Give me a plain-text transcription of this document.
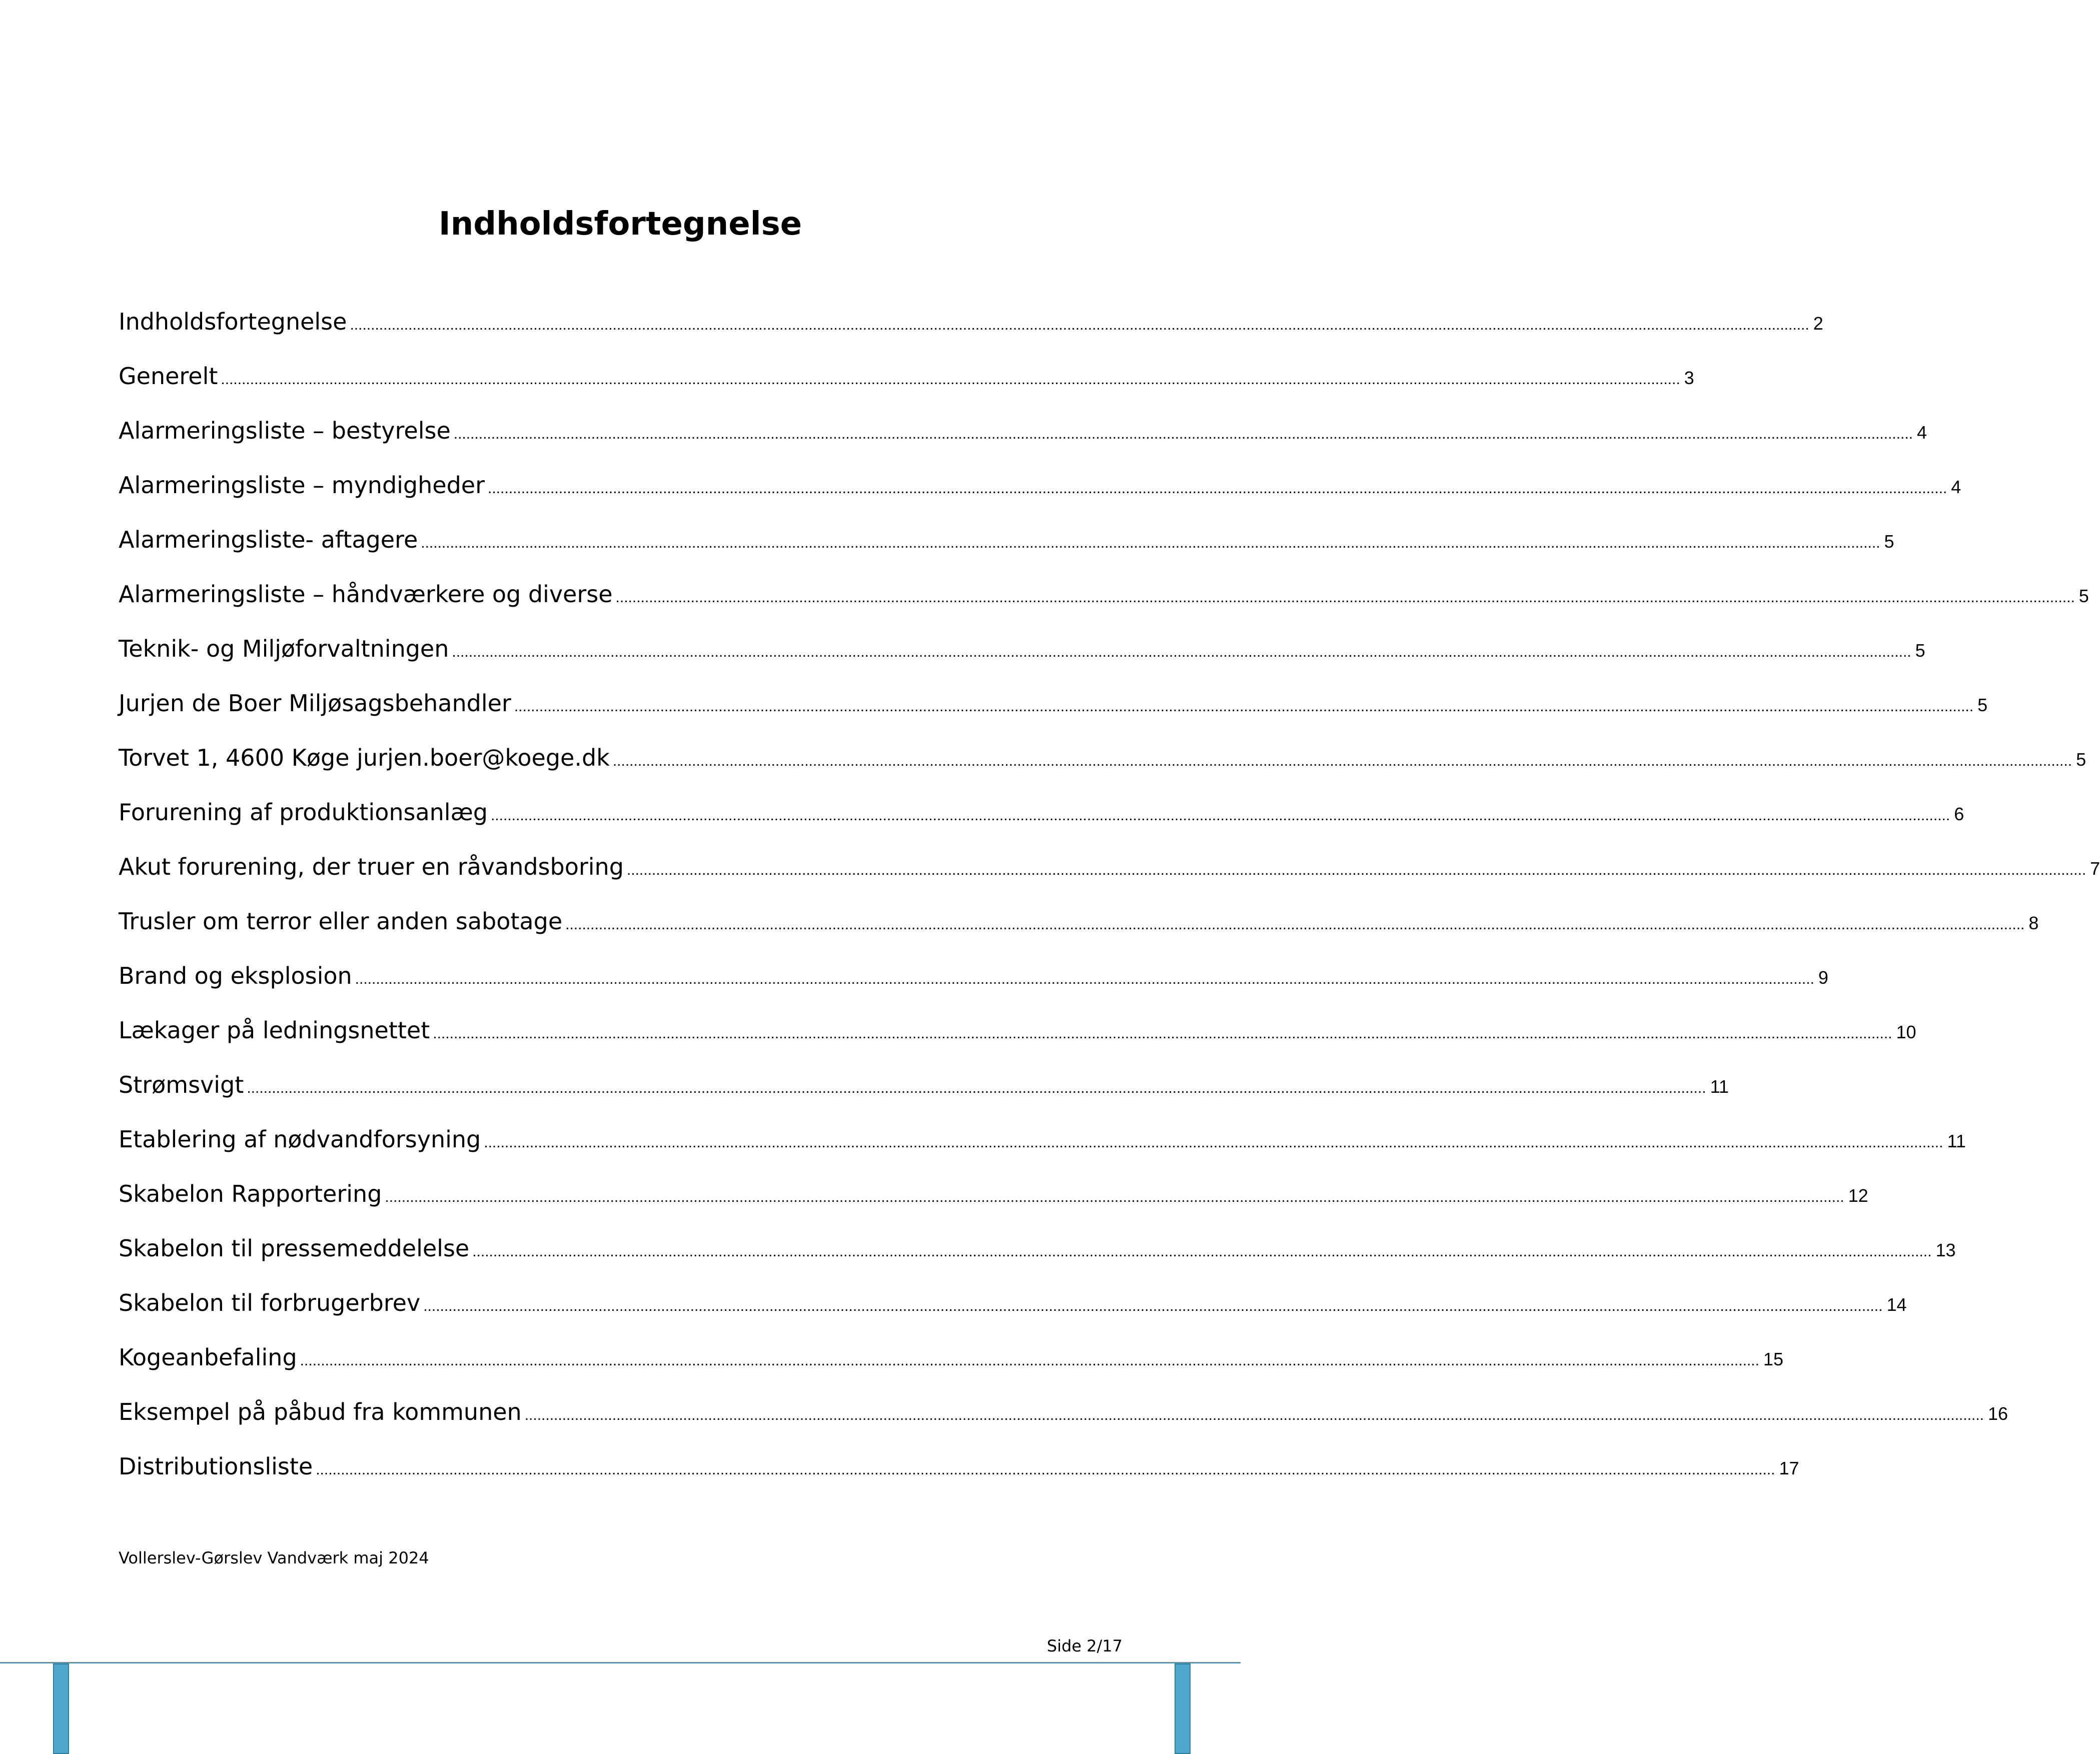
Indholdsfortegnelse
Indholdsfortegnelse .............................................................................................................................................................................................................................................................................................................................................................. 2
Generelt .............................................................................................................................................................................................................................................................................................................................................................. 3
Alarmeringsliste – bestyrelse .............................................................................................................................................................................................................................................................................................................................................................. 4
Alarmeringsliste – myndigheder .............................................................................................................................................................................................................................................................................................................................................................. 4
Alarmeringsliste- aftagere .............................................................................................................................................................................................................................................................................................................................................................. 5
Alarmeringsliste – håndværkere og diverse .............................................................................................................................................................................................................................................................................................................................................................. 5
Teknik- og Miljøforvaltningen .............................................................................................................................................................................................................................................................................................................................................................. 5
Jurjen de Boer Miljøsagsbehandler .............................................................................................................................................................................................................................................................................................................................................................. 5
Torvet 1, 4600 Køge jurjen.boer@koege.dk .............................................................................................................................................................................................................................................................................................................................................................. 5
Forurening af produktionsanlæg .............................................................................................................................................................................................................................................................................................................................................................. 6
Akut forurening, der truer en råvandsboring .............................................................................................................................................................................................................................................................................................................................................................. 7
Trusler om terror eller anden sabotage .............................................................................................................................................................................................................................................................................................................................................................. 8
Brand og eksplosion .............................................................................................................................................................................................................................................................................................................................................................. 9
Lækager på ledningsnettet .............................................................................................................................................................................................................................................................................................................................................................. 10
Strømsvigt .............................................................................................................................................................................................................................................................................................................................................................. 11
Etablering af nødvandforsyning .............................................................................................................................................................................................................................................................................................................................................................. 11
Skabelon Rapportering .............................................................................................................................................................................................................................................................................................................................................................. 12
Skabelon til pressemeddelelse .............................................................................................................................................................................................................................................................................................................................................................. 13
Skabelon til forbrugerbrev .............................................................................................................................................................................................................................................................................................................................................................. 14
Kogeanbefaling .............................................................................................................................................................................................................................................................................................................................................................. 15
Eksempel på påbud fra kommunen .............................................................................................................................................................................................................................................................................................................................................................. 16
Distributionsliste .............................................................................................................................................................................................................................................................................................................................................................. 17
Vollerslev-Gørslev Vandværk maj 2024
Side 2/17
